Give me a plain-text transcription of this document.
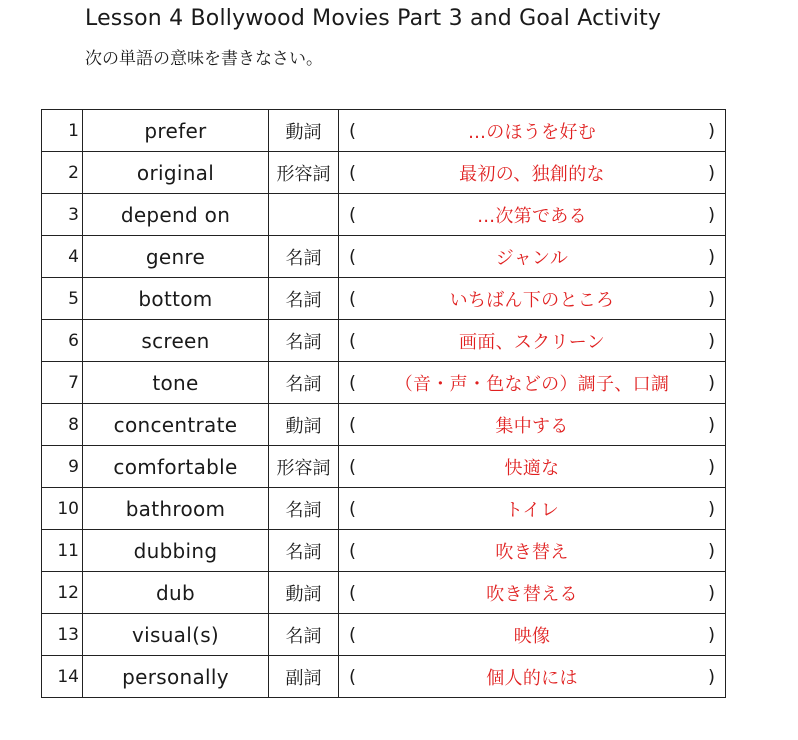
Lesson 4 Bollywood Movies Part 3 and Goal Activity
次の単語の意味を書きなさい。
1	prefer	動詞	( …のほうを好む )

2	original	形容詞	( 最初の、独創的な )

3	depend on		( …次第である )

4	genre	名詞	( ジャンル )

5	bottom	名詞	( いちばん下のところ )

6	screen	名詞	( 画面、スクリーン )

7	tone	名詞	( （音・声・色などの）調子、口調 )

8	concentrate	動詞	( 集中する )

9	comfortable	形容詞	( 快適な )

10	bathroom	名詞	( トイレ )

11	dubbing	名詞	( 吹き替え )

12	dub	動詞	( 吹き替える )

13	visual(s)	名詞	( 映像 )

14	personally	副詞	( 個人的には )
